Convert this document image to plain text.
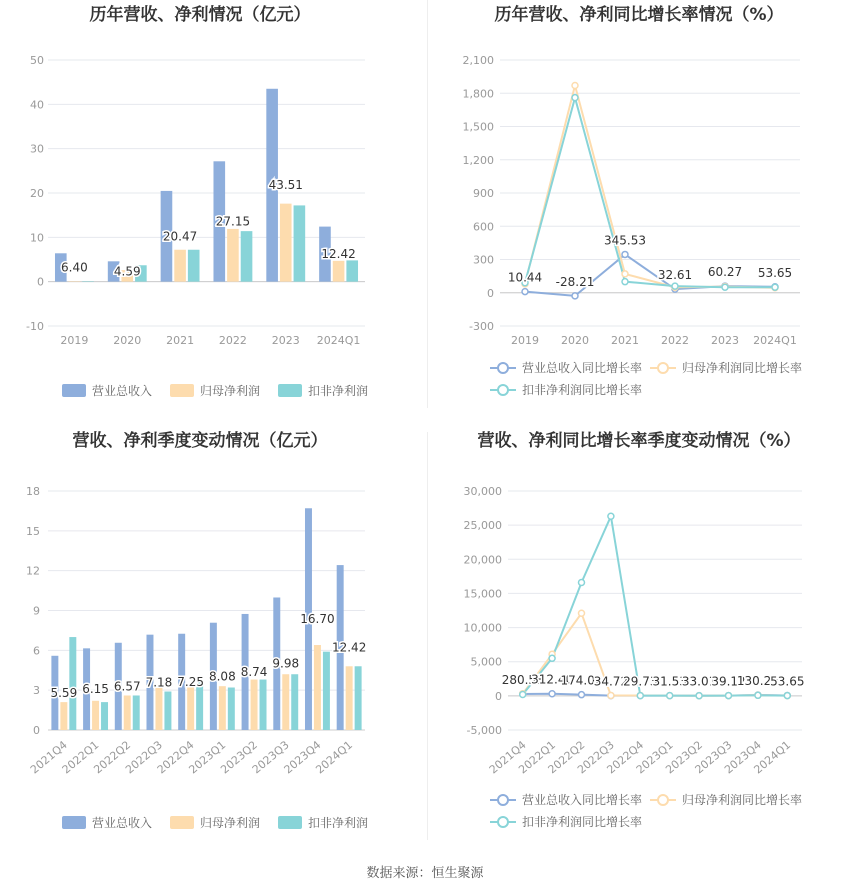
历年营收、净利情况（亿元）
50
40
30
20
10
0
-10
2019 2020 2021 2022 2023 2024Q1
6.40 4.59
20.47
27.15
43.51
12.42
营业总收入	归母净利润	扣非净利润
历年营收、净利同比增长率情况（%）
2,100
1,800
1,500
1,200
900
600
300
0
-300
2019 2020 2021 2022 2023 2024Q1
10.44 -28.21
345.53
32.61 60.27 53.65
营业总收入同比增长率	归母净利润同比增长率
扣非净利润同比增长率
营收、净利季度变动情况（亿元）
18
15
12
9
6
3
0
2021Q4
2022Q1
2022Q2
2022Q3
2022Q4
2023Q1
2023Q2
2023Q3
2023Q4
2024Q1
5.59 6.15 6.57 7.18 7.25 8.08 8.74
9.98
16.70
12.42
营业总收入	归母净利润	扣非净利润
营收、净利同比增长率季度变动情况（%）
30,000
25,000
20,000
15,000
10,000
5,000
0
-5,000
2021Q4
2022Q1
2022Q2
2022Q3
2022Q4
2023Q1
2023Q2
2023Q3
2023Q4
2024Q1
280.53
312.40
174.02
34.72
29.73
31.53
33.01
39.12
130.23
53.65
营业总收入同比增长率	归母净利润同比增长率
扣非净利润同比增长率
数据来源：恒生聚源
